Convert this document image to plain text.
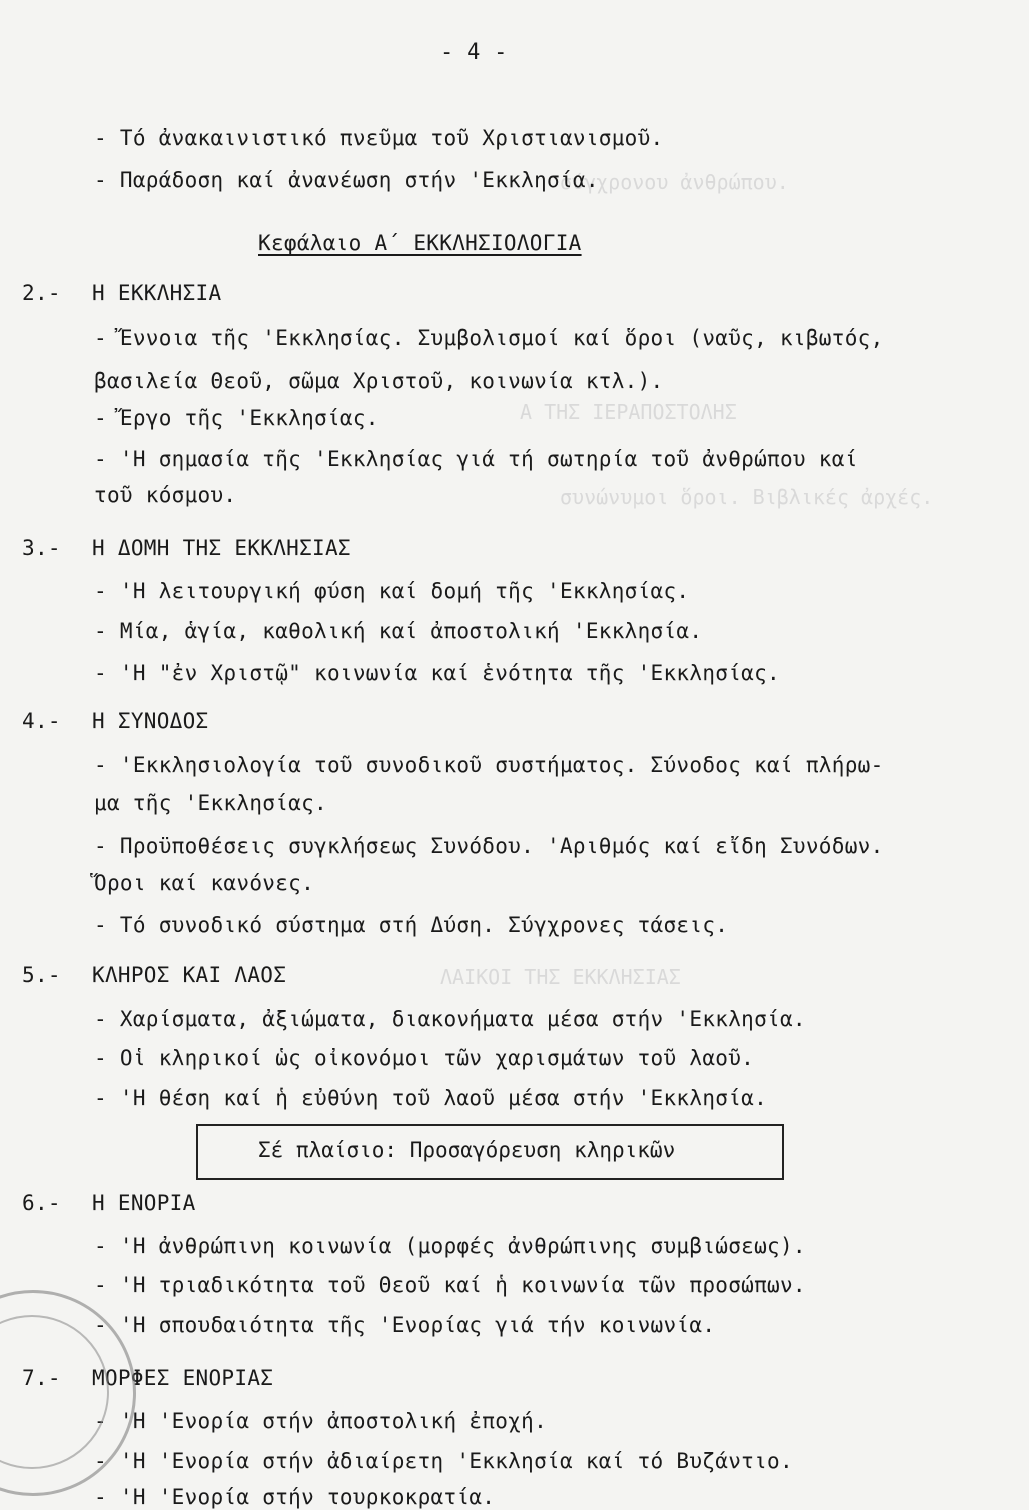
σύγχρονου ἀνθρώπου.
Α ΤΗΣ ΙΕΡΑΠΟΣΤΟΛΗΣ
συνώνυμοι ὅροι. Βιβλικές ἀρχές.
ΛΑΙΚΟΙ ΤΗΣ ΕΚΚΛΗΣΙΑΣ
- 4 -
- Τό ἀνακαινιστικό πνεῦμα τοῦ Χριστιανισμοῦ.
- Παράδοση καί ἀνανέωση στήν 'Εκκλησία.
Κεφάλαιο Α΄ ΕΚΚΛΗΣΙΟΛΟΓΙΑ
2.- Η ΕΚΚΛΗΣΙΑ
- Ἔννοια τῆς 'Εκκλησίας. Συμβολισμοί καί ὅροι (ναῦς, κιβωτός,
βασιλεία Θεοῦ, σῶμα Χριστοῦ, κοινωνία κτλ.).
- Ἔργο τῆς 'Εκκλησίας.
- 'Η σημασία τῆς 'Εκκλησίας γιά τή σωτηρία τοῦ ἀνθρώπου καί
τοῦ κόσμου.
3.- Η ΔΟΜΗ ΤΗΣ ΕΚΚΛΗΣΙΑΣ
- 'Η λειτουργική φύση καί δομή τῆς 'Εκκλησίας.
- Μία, ἁγία, καθολική καί ἀποστολική 'Εκκλησία.
- 'Η "ἐν Χριστῷ" κοινωνία καί ἑνότητα τῆς 'Εκκλησίας.
4.- Η ΣΥΝΟΔΟΣ
- 'Εκκλησιολογία τοῦ συνοδικοῦ συστήματος. Σύνοδος καί πλήρω-
μα τῆς 'Εκκλησίας.
- Προϋποθέσεις συγκλήσεως Συνόδου. 'Αριθμός καί εἴδη Συνόδων.
Ὅροι καί κανόνες.
- Τό συνοδικό σύστημα στή Δύση. Σύγχρονες τάσεις.
5.- ΚΛΗΡΟΣ ΚΑΙ ΛΑΟΣ
- Χαρίσματα, ἀξιώματα, διακονήματα μέσα στήν 'Εκκλησία.
- Οἱ κληρικοί ὡς οἰκονόμοι τῶν χαρισμάτων τοῦ λαοῦ.
- 'Η θέση καί ἡ εὐθύνη τοῦ λαοῦ μέσα στήν 'Εκκλησία.
Σέ πλαίσιο: Προσαγόρευση κληρικῶν
6.- Η ΕΝΟΡΙΑ
- 'Η ἀνθρώπινη κοινωνία (μορφές ἀνθρώπινης συμβιώσεως).
- 'Η τριαδικότητα τοῦ Θεοῦ καί ἡ κοινωνία τῶν προσώπων.
- 'Η σπουδαιότητα τῆς 'Ενορίας γιά τήν κοινωνία.
7.- ΜΟΡΦΕΣ ΕΝΟΡΙΑΣ
- 'Η 'Ενορία στήν ἀποστολική ἐποχή.
- 'Η 'Ενορία στήν ἀδιαίρετη 'Εκκλησία καί τό Βυζάντιο.
- 'Η 'Ενορία στήν τουρκοκρατία.
